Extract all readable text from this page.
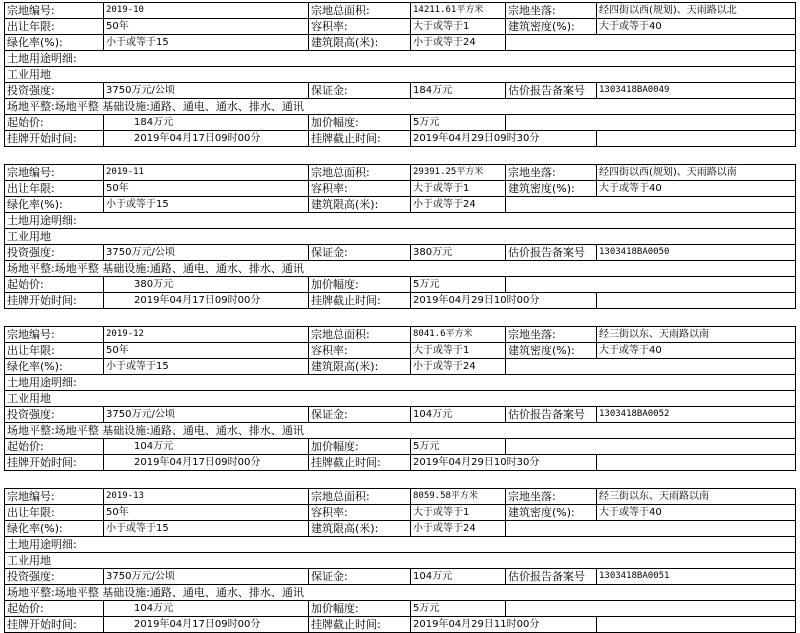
宗地编号:	2019-10	宗地总面积:	14211.61平方米	宗地坐落:	经四街以西(规划)、天雨路以北
出让年限:	50年	容积率:	大于或等于1	建筑密度(%):	大于或等于40
绿化率(%):	小于或等于15	建筑限高(米):	小于或等于24		
土地用途明细:					
工业用地					
投资强度:	3750万元/公顷	保证金:	184万元	估价报告备案号	1303418BA0049
场地平整:场地平整 基础设施:通路、通电、通水、排水、通讯					
起始价:	184万元	加价幅度:	5万元		
挂牌开始时间:	2019年04月17日09时00分	挂牌截止时间:	2019年04月29日09时30分		
宗地编号:	2019-11	宗地总面积:	29391.25平方米	宗地坐落:	经四街以西(规划)、天雨路以南
出让年限:	50年	容积率:	大于或等于1	建筑密度(%):	大于或等于40
绿化率(%):	小于或等于15	建筑限高(米):	小于或等于24		
土地用途明细:					
工业用地					
投资强度:	3750万元/公顷	保证金:	380万元	估价报告备案号	1303418BA0050
场地平整:场地平整 基础设施:通路、通电、通水、排水、通讯					
起始价:	380万元	加价幅度:	5万元		
挂牌开始时间:	2019年04月17日09时00分	挂牌截止时间:	2019年04月29日10时00分		
宗地编号:	2019-12	宗地总面积:	8041.6平方米	宗地坐落:	经三街以东、天雨路以南
出让年限:	50年	容积率:	大于或等于1	建筑密度(%):	大于或等于40
绿化率(%):	小于或等于15	建筑限高(米):	小于或等于24		
土地用途明细:					
工业用地					
投资强度:	3750万元/公顷	保证金:	104万元	估价报告备案号	1303418BA0052
场地平整:场地平整 基础设施:通路、通电、通水、排水、通讯					
起始价:	104万元	加价幅度:	5万元		
挂牌开始时间:	2019年04月17日09时00分	挂牌截止时间:	2019年04月29日10时30分		
宗地编号:	2019-13	宗地总面积:	8059.58平方米	宗地坐落:	经三街以东、天雨路以南
出让年限:	50年	容积率:	大于或等于1	建筑密度(%):	大于或等于40
绿化率(%):	小于或等于15	建筑限高(米):	小于或等于24		
土地用途明细:					
工业用地					
投资强度:	3750万元/公顷	保证金:	104万元	估价报告备案号	1303418BA0051
场地平整:场地平整 基础设施:通路、通电、通水、排水、通讯					
起始价:	104万元	加价幅度:	5万元		
挂牌开始时间:	2019年04月17日09时00分	挂牌截止时间:	2019年04月29日11时00分		
